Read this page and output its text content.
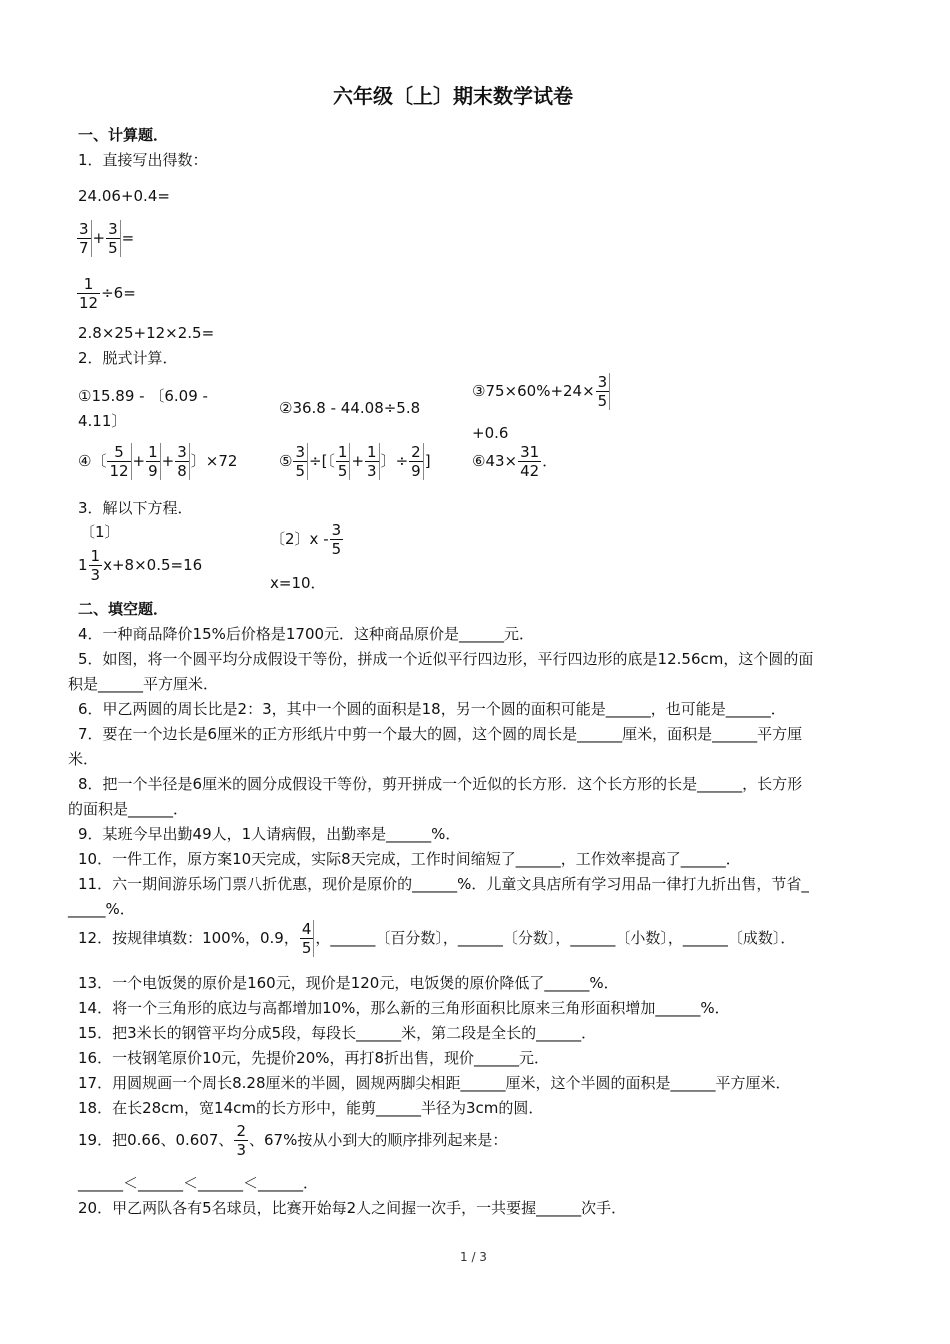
六年级〔上〕期末数学试卷
一、计算题．
1．直接写出得数：
24.06+0.4=
$\frac{3}{7} + \frac{3}{5}$ =
$\frac{1}{12} \div 6=$
2.8×25+12×2.5=
2．脱式计算．
①15.89 - 〔6.09 -
4.11〕
②36.8 - 44.08÷5.8
③75×60%+24× $\frac{3}{5}$
+0.6
④〔 $\frac{5}{12} + \frac{1}{9} + \frac{3}{8}$ 〕×72	⑤ $\frac{3}{5}$ ÷[〔 $\frac{1}{5} + \frac{1}{3}$ 〕÷ $\frac{2}{9}$ ]	⑥43× $\frac{31}{42}$ ．
3．解以下方程．
〔1〕
$1 \frac{1}{3} x+8\times 0.5=16$
〔2〕x - $\frac{3}{5}$
x=10．
二、填空题．
4．一种商品降价15%后价格是1700元．这种商品原价是______元．
5．如图，将一个圆平均分成假设干等份，拼成一个近似平行四边形，平行四边形的底是12.56cm，这个圆的面
积是______平方厘米．
6．甲乙两圆的周长比是2：3，其中一个圆的面积是18，另一个圆的面积可能是______，也可能是______．
7．要在一个边长是6厘米的正方形纸片中剪一个最大的圆，这个圆的周长是______厘米，面积是______平方厘
米．
8．把一个半径是6厘米的圆分成假设干等份，剪开拼成一个近似的长方形．这个长方形的长是______，长方形
的面积是______．
9．某班今早出勤49人，1人请病假，出勤率是______%．
10．一件工作，原方案10天完成，实际8天完成，工作时间缩短了______，工作效率提高了______．
11．六一期间游乐场门票八折优惠，现价是原价的______%．儿童文具店所有学习用品一律打九折出售，节省_
_____%．
12．按规律填数：100%，0.9， $\frac{4}{5}$ ，______〔百分数〕，______〔分数〕，______〔小数〕，______〔成数〕．
13．一个电饭煲的原价是160元，现价是120元，电饭煲的原价降低了______%．
14．将一个三角形的底边与高都增加10%，那么新的三角形面积比原来三角形面积增加______%．
15．把3米长的钢管平均分成5段，每段长______米，第二段是全长的______．
16．一枝钢笔原价10元，先提价20%，再打8折出售，现价______元．
17．用圆规画一个周长8.28厘米的半圆，圆规两脚尖相距______厘米，这个半圆的面积是______平方厘米．
18．在长28cm，宽14cm的长方形中，能剪______半径为3cm的圆．
19．把0.66、0.607、 $\frac{2}{3}$ 、67%按从小到大的顺序排列起来是：
______＜______＜______＜______．
20．甲乙两队各有5名球员，比赛开始每2人之间握一次手，一共要握______次手．
1 / 3
